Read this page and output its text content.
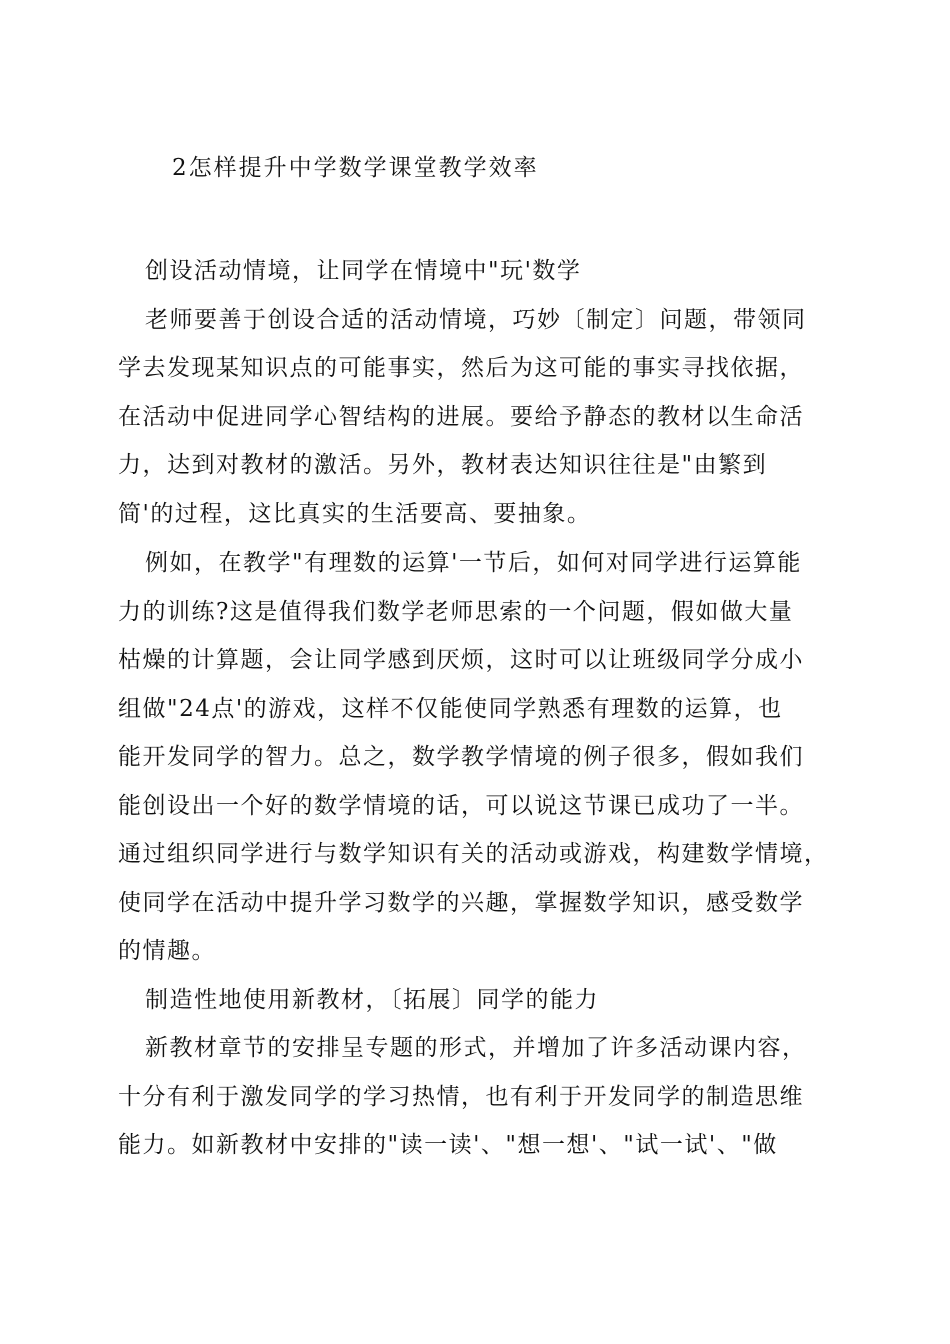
2怎样提升中学数学课堂教学效率
创设活动情境，让同学在情境中"玩'数学
老师要善于创设合适的活动情境，巧妙〔制定〕问题，带领同
学去发现某知识点的可能事实，然后为这可能的事实寻找依据，
在活动中促进同学心智结构的进展。要给予静态的教材以生命活
力，达到对教材的激活。另外，教材表达知识往往是"由繁到
简'的过程，这比真实的生活要高、要抽象。
例如，在教学"有理数的运算'一节后，如何对同学进行运算能
力的训练?这是值得我们数学老师思索的一个问题，假如做大量
枯燥的计算题，会让同学感到厌烦，这时可以让班级同学分成小
组做"24点'的游戏，这样不仅能使同学熟悉有理数的运算，也
能开发同学的智力。总之，数学教学情境的例子很多，假如我们
能创设出一个好的数学情境的话，可以说这节课已成功了一半。
通过组织同学进行与数学知识有关的活动或游戏，构建数学情境，
使同学在活动中提升学习数学的兴趣，掌握数学知识，感受数学
的情趣。
制造性地使用新教材，〔拓展〕同学的能力
新教材章节的安排呈专题的形式，并增加了许多活动课内容，
十分有利于激发同学的学习热情，也有利于开发同学的制造思维
能力。如新教材中安排的"读一读'、"想一想'、"试一试'、"做
